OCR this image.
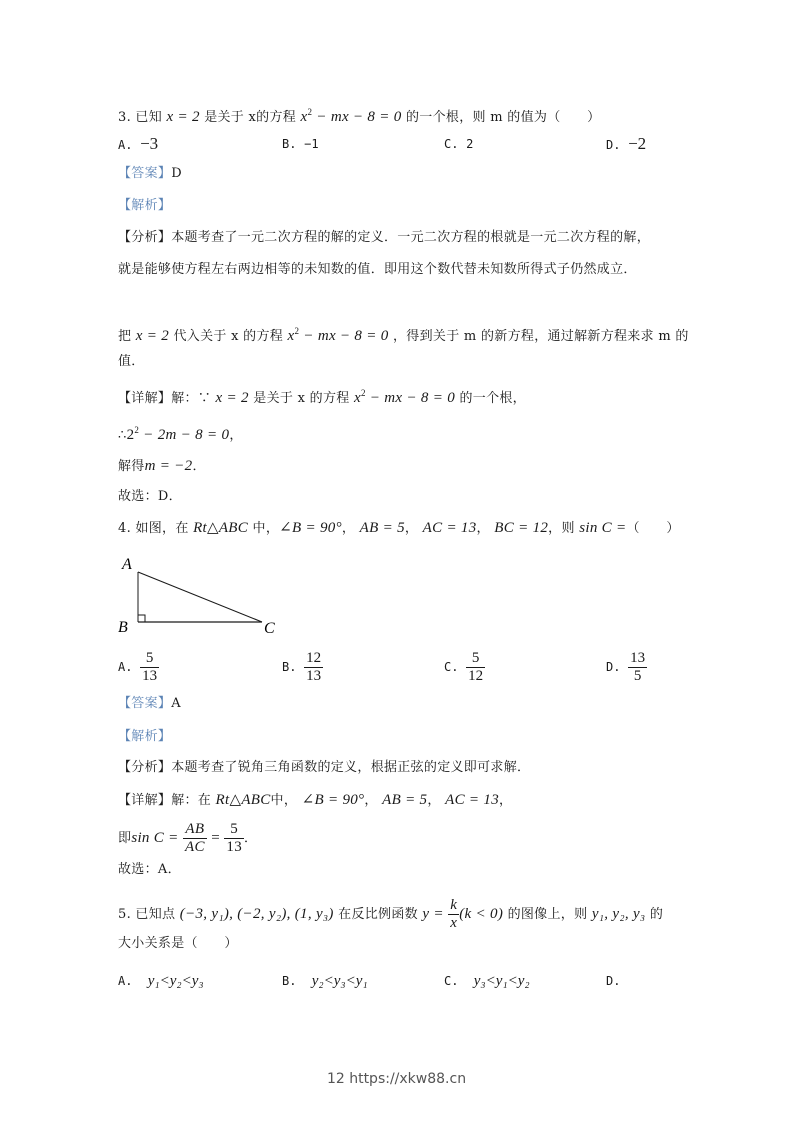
3. 已知 x = 2 是关于 x的方程 $x^2$ − mx − 8 = 0 的一个根，则 m 的值为（　　）
A. −3	B. −1	C. 2	D. −2
【答案】D
【解析】
【分析】本题考查了一元二次方程的解的定义．一元二次方程的根就是一元二次方程的解，
就是能够使方程左右两边相等的未知数的值．即用这个数代替未知数所得式子仍然成立．
把 x = 2 代入关于 x 的方程 $x^2$ − mx − 8 = 0 ，得到关于 m 的新方程，通过解新方程来求 m 的
值．
【详解】解：∵ x = 2 是关于 x 的方程 $x^2$ − mx − 8 = 0 的一个根，
$\therefore 2^2 - 2m - 8 = 0$，
解得m = −2．
故选：D．
4. 如图，在 Rt△ABC 中，∠B = 90°， AB = 5， AC = 13， BC = 12，则 sin C =（　　）
A
B	C
A. $\frac{5}{13}$	B. $\frac{12}{13}$	C. $\frac{5}{12}$	D. $\frac{13}{5}$
【答案】A
【解析】
【分析】本题考查了锐角三角函数的定义，根据正弦的定义即可求解．
【详解】解：在 Rt△ABC中， ∠B = 90°， AB = 5， AC = 13，
即$\sin C = \frac{AB}{AC} = \frac{5}{13}$ ．
故选：A．
5. 已知点 (−3, y₁), (−2, y₂), (1, y₃) 在反比例函数 $y = \frac{k}{x} (k < 0)$ 的图像上，则 y₁, y₂, y₃ 的
大小关系是（　　）
A. y₁<y₂<y₃	B. y₂<y₃<y₁	C. y₃<y₁<y₂	D.
12 https://xkw88.cn
